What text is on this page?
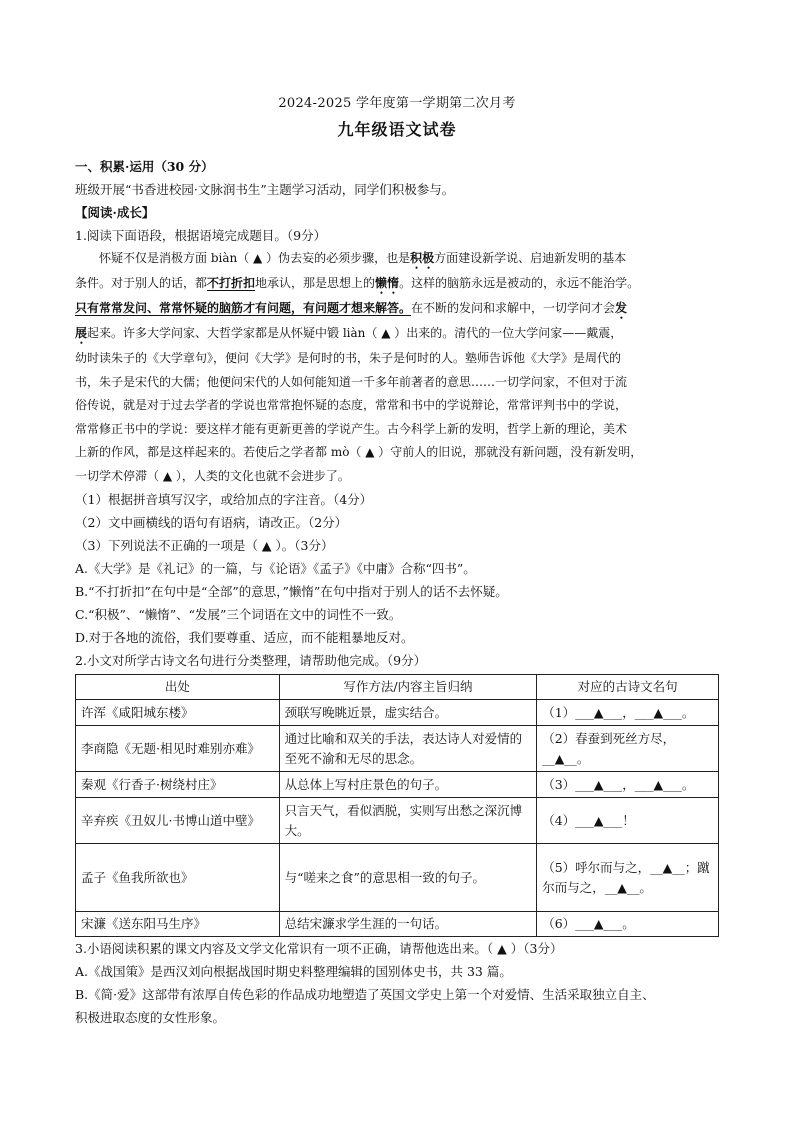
2024-2025 学年度第一学期第二次月考
九年级语文试卷
一、积累·运用（30 分）
班级开展“书香进校园·文脉润书生”主题学习活动，同学们积极参与。
【阅读·成长】
1.阅读下面语段，根据语境完成题目。（9分）
怀疑不仅是消极方面 biàn（ ▲ ）伪去妄的必须步骤，也是积极方面建设新学说、启迪新发明的基本
条件。对于别人的话，都不打折扣地承认，那是思想上的懒惰。这样的脑筋永远是被动的，永远不能治学。
只有常常发问、常常怀疑的脑筋才有问题，有问题才想来解答。在不断的发问和求解中，一切学问才会发
展起来。许多大学问家、大哲学家都是从怀疑中锻 liàn（ ▲ ）出来的。清代的一位大学问家——戴震，
幼时读朱子的《大学章句》，便问《大学》是何时的书，朱子是何时的人。塾师告诉他《大学》是周代的
书，朱子是宋代的大儒；他便问宋代的人如何能知道一千多年前著者的意思……一切学问家，不但对于流
俗传说，就是对于过去学者的学说也常常抱怀疑的态度，常常和书中的学说辩论，常常评判书中的学说，
常常修正书中的学说：要这样才能有更新更善的学说产生。古今科学上新的发明，哲学上新的理论，美术
上新的作风，都是这样起来的。若使后之学者都 mò（ ▲ ）守前人的旧说，那就没有新问题，没有新发明，
一切学术停滞（ ▲ ），人类的文化也就不会进步了。
（1）根据拼音填写汉字，或给加点的字注音。（4分）
（2）文中画横线的语句有语病，请改正。（2分）
（3）下列说法不正确的一项是（ ▲ ）。（3分）
A.《大学》是《礼记》的一篇，与《论语》《孟子》《中庸》合称“四书”。
B.“不打折扣”在句中是“全部”的意思，”懒惰”在句中指对于别人的话不去怀疑。
C.“积极”、“懒惰”、“发展”三个词语在文中的词性不一致。
D.对于各地的流俗，我们要尊重、适应，而不能粗暴地反对。
2.小文对所学古诗文名句进行分类整理，请帮助他完成。（9分）
出处	写作方法/内容主旨归纳	对应的古诗文名句
许浑《咸阳城东楼》	颈联写晚眺近景，虚实结合。	（1）___▲___，___▲___。
李商隐《无题·相见时难别亦难》	通过比喻和双关的手法，表达诗人对爱情的至死不渝和无尽的思念。	（2）春蚕到死丝方尽，__▲__。
秦观《行香子·树绕村庄》	从总体上写村庄景色的句子。	（3）___▲___，___▲___。
辛弃疾《丑奴儿·书博山道中壁》	只言天气，看似洒脱，实则写出愁之深沉博大。	（4）___▲___！
孟子《鱼我所欲也》	与“嗟来之食”的意思相一致的句子。	（5）呼尔而与之，__▲__；蹴尔而与之，__▲__。
宋濂《送东阳马生序》	总结宋濂求学生涯的一句话。	（6）___▲___。
3.小语阅读积累的课文内容及文学文化常识有一项不正确，请帮他选出来。（ ▲ ）（3分）
A.《战国策》是西汉刘向根据战国时期史料整理编辑的国别体史书，共 33 篇。
B.《简·爱》这部带有浓厚自传色彩的作品成功地塑造了英国文学史上第一个对爱情、生活采取独立自主、
积极进取态度的女性形象。
